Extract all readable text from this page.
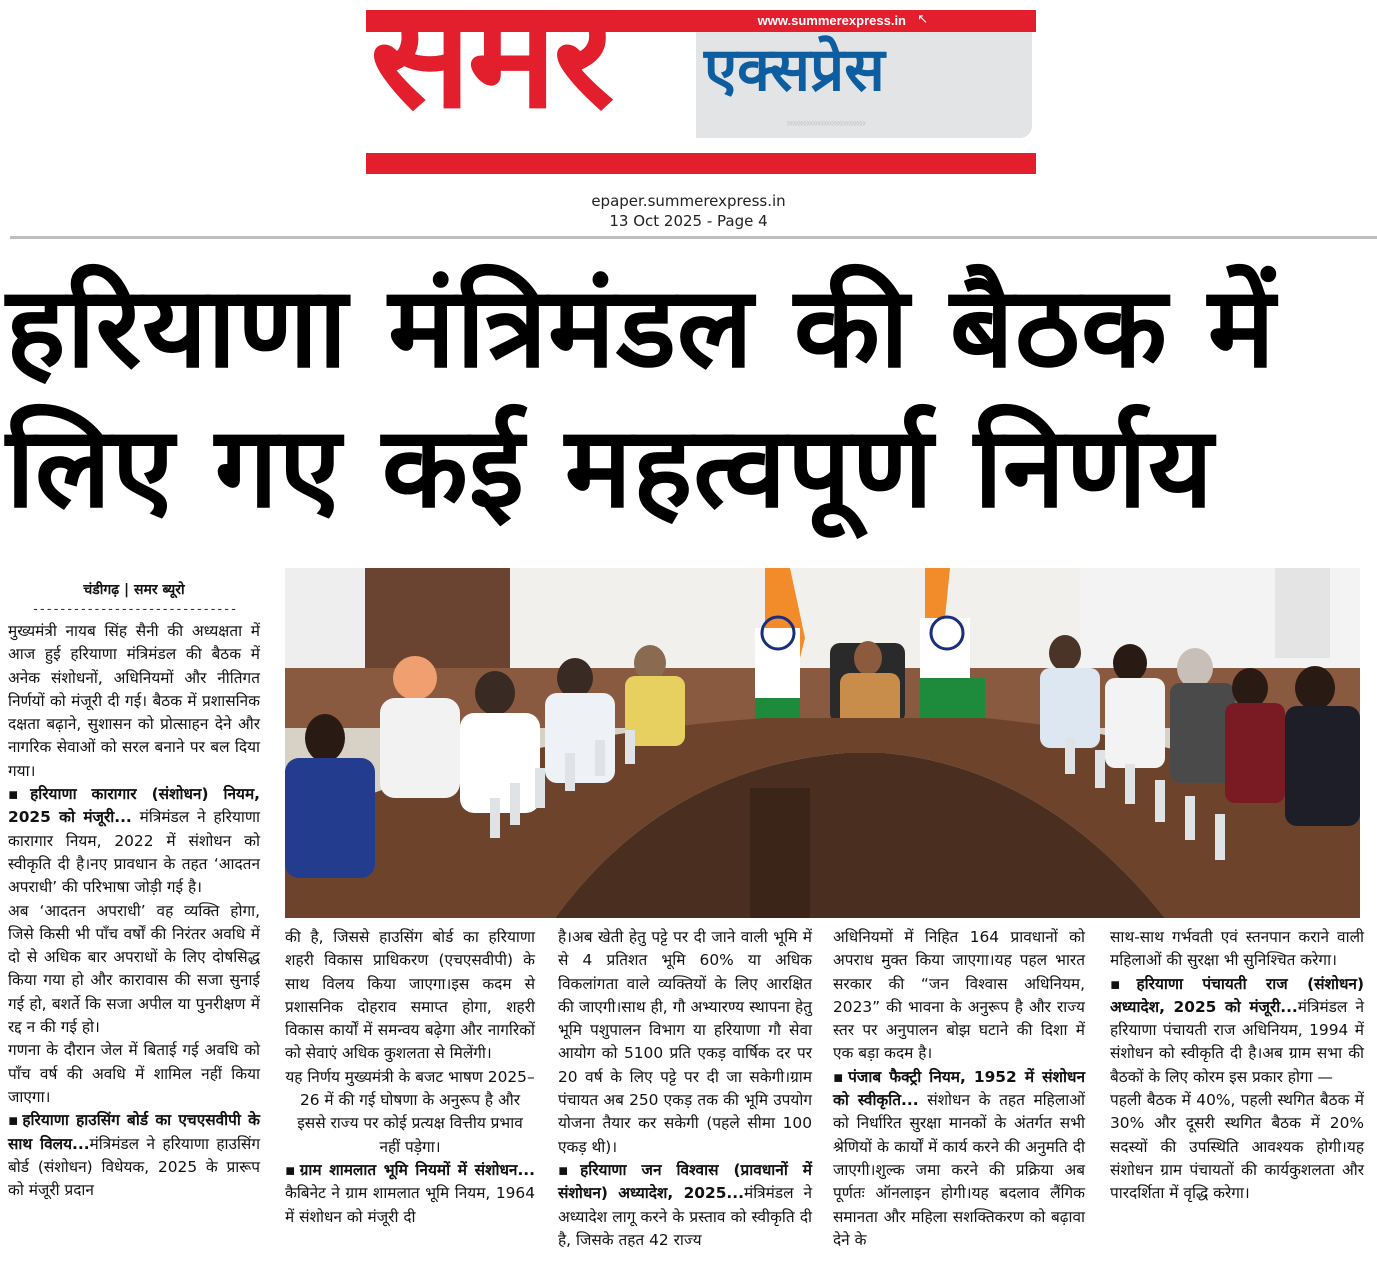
www.summerexpress.in ↖
››››››››››››››››››››››››››››
समर एक्सप्रेस
epaper.summerexpress.in
13 Oct 2025 - Page 4
हरियाणा मंत्रिमंडल की बैठक में
लिए गए कई महत्वपूर्ण निर्णय
चंडीगढ़ | समर ब्यूरो
------------------------------

मुख्यमंत्री नायब सिंह सैनी की अध्यक्षता में आज हुई हरियाणा मंत्रिमंडल की बैठक में अनेक संशोधनों, अधिनियमों और नीतिगत निर्णयों को मंजूरी दी गई। बैठक में प्रशासनिक दक्षता बढ़ाने, सुशासन को प्रोत्साहन देने और नागरिक सेवाओं को सरल बनाने पर बल दिया गया।

▪ हरियाणा कारागार (संशोधन) नियम, 2025 को मंजूरी... मंत्रिमंडल ने हरियाणा कारागार नियम, 2022 में संशोधन को स्वीकृति दी है।नए प्रावधान के तहत ‘आदतन अपराधी’ की परिभाषा जोड़ी गई है।

अब ‘आदतन अपराधी’ वह व्यक्ति होगा, जिसे किसी भी पाँच वर्षों की निरंतर अवधि में दो से अधिक बार अपराधों के लिए दोषसिद्ध किया गया हो और कारावास की सजा सुनाई गई हो, बशर्ते कि सजा अपील या पुनरीक्षण में रद्द न की गई हो।

गणना के दौरान जेल में बिताई गई अवधि को पाँच वर्ष की अवधि में शामिल नहीं किया जाएगा।

▪ हरियाणा हाउसिंग बोर्ड का एचएसवीपी के साथ विलय...मंत्रिमंडल ने हरियाणा हाउसिंग बोर्ड (संशोधन) विधेयक, 2025 के प्रारूप को मंजूरी प्रदान

की है, जिससे हाउसिंग बोर्ड का हरियाणा शहरी विकास प्राधिकरण (एचएसवीपी) के साथ विलय किया जाएगा।इस कदम से प्रशासनिक दोहराव समाप्त होगा, शहरी विकास कार्यों में समन्वय बढ़ेगा और नागरिकों को सेवाएं अधिक कुशलता से मिलेंगी।

यह निर्णय मुख्यमंत्री के बजट भाषण 2025–26 में की गई घोषणा के अनुरूप है और इससे राज्य पर कोई प्रत्यक्ष वित्तीय प्रभाव नहीं पड़ेगा।

▪ ग्राम शामलात भूमि नियमों में संशोधन... कैबिनेट ने ग्राम शामलात भूमि नियम, 1964 में संशोधन को मंजूरी दी

है।अब खेती हेतु पट्टे पर दी जाने वाली भूमि में से 4 प्रतिशत भूमि 60% या अधिक विकलांगता वाले व्यक्तियों के लिए आरक्षित की जाएगी।साथ ही, गौ अभ्यारण्य स्थापना हेतु भूमि पशुपालन विभाग या हरियाणा गौ सेवा आयोग को 5100 प्रति एकड़ वार्षिक दर पर 20 वर्ष के लिए पट्टे पर दी जा सकेगी।ग्राम पंचायत अब 250 एकड़ तक की भूमि उपयोग योजना तैयार कर सकेगी (पहले सीमा 100 एकड़ थी)।

▪ हरियाणा जन विश्वास (प्रावधानों में संशोधन) अध्यादेश, 2025...मंत्रिमंडल ने अध्यादेश लागू करने के प्रस्ताव को स्वीकृति दी है, जिसके तहत 42 राज्य

अधिनियमों में निहित 164 प्रावधानों को अपराध मुक्त किया जाएगा।यह पहल भारत सरकार की “जन विश्वास अधिनियम, 2023” की भावना के अनुरूप है और राज्य स्तर पर अनुपालन बोझ घटाने की दिशा में एक बड़ा कदम है।

▪ पंजाब फैक्ट्री नियम, 1952 में संशोधन को स्वीकृति... संशोधन के तहत महिलाओं को निर्धारित सुरक्षा मानकों के अंतर्गत सभी श्रेणियों के कार्यों में कार्य करने की अनुमति दी जाएगी।शुल्क जमा करने की प्रक्रिया अब पूर्णतः ऑनलाइन होगी।यह बदलाव लैंगिक समानता और महिला सशक्तिकरण को बढ़ावा देने के

साथ-साथ गर्भवती एवं स्तनपान कराने वाली महिलाओं की सुरक्षा भी सुनिश्चित करेगा।

▪ हरियाणा पंचायती राज (संशोधन) अध्यादेश, 2025 को मंजूरी...मंत्रिमंडल ने हरियाणा पंचायती राज अधिनियम, 1994 में संशोधन को स्वीकृति दी है।अब ग्राम सभा की बैठकों के लिए कोरम इस प्रकार होगा —

पहली बैठक में 40%, पहली स्थगित बैठक में 30% और दूसरी स्थगित बैठक में 20% सदस्यों की उपस्थिति आवश्यक होगी।यह संशोधन ग्राम पंचायतों की कार्यकुशलता और पारदर्शिता में वृद्धि करेगा।
